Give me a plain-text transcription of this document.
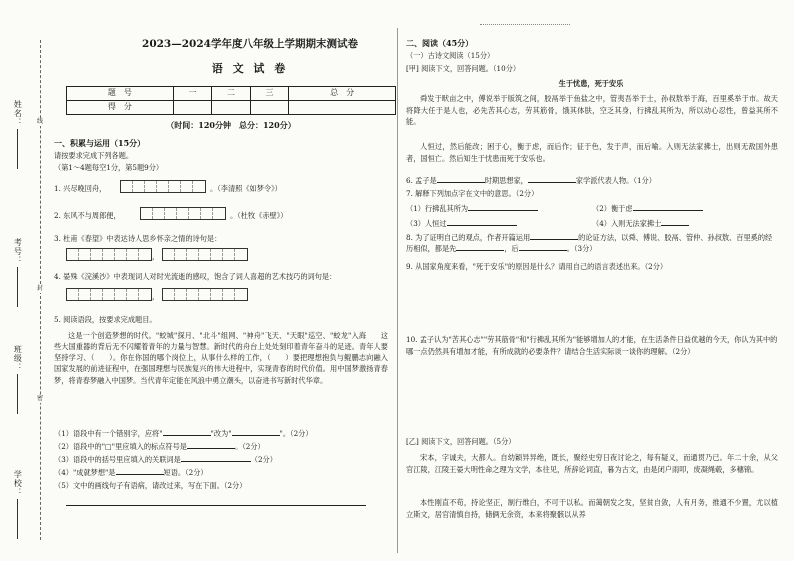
姓名：
考号：
班级：
学校：
线
封
密
2023—2024学年度八年级上学期期末测试卷
语 文 试 卷
题　号	一	二	三	总　分
得　分				
（时间：120分钟　总分：120分）
一、积累与运用（15分）
请按要求完成下列各题。
（第1～4题每空1分，第5题9分）
1. 兴尽晚回舟，	。（李清照《如梦令》）
2. 东风不与周郎便，	。（杜牧《赤壁》）
3. 杜甫《春望》中表达诗人思乡怀亲之情的诗句是：
，
4. 晏殊《浣溪沙》中表现词人对时光流逝的感叹，饱含了词人喜超的艺术技巧的词句是：
，
5. 阅读语段，按要求完成题目。
这是一个创造梦想的时代。"蛟城"探月、"北斗"组网、"神舟"飞天、"天眼"巡空、"蛟龙"入海　　这些大国重器的背后无不闪耀着青年的力量与智慧。新时代的舟台上处处刻印着青年奋斗的足迹。青年人要坚持学习、（　　）。你在你国的哪个岗位上，从事什么样的工作，（　　）要把理想抱负与鲲鹏志向融入国家发展的前进征程中，在强国理想与民族复兴的伟大进程中，实现青春的时代价值。用中国梦激扬青春梦，将青春梦融入中国梦。当代青年定能在风浪中勇立潮头，以奋进书写新时代华章。
（1）语段中有一个错别字，应将"	"改为"	"。（2分）
（2）语段中的"□"里应填入的标点符号是	。（2分）
（3）语段中的括号里应填入的关联词是	（2分）
（4）"成就梦想"是	短语。（2分）
（5）文中的画线句子有语病，请改过来，写在下面。（2分）
二、阅读（45分）
（一）古诗文阅读（15分）
[甲] 阅读下文，回答问题。（10分）
生于忧患，死于安乐
舜发于畎亩之中，傅说举于版筑之间，胶鬲举于鱼盐之中，管夷吾举于士，孙叔敖举于海，百里奚举于市。故天将降大任于是人也，必先苦其心志，劳其筋骨，饿其体肤，空乏其身，行拂乱其所为，所以动心忍性，曾益其所不能。
人恒过，然后能改；困于心，衡于虑，而后作；征于色，发于声，而后喻。入则无法家拂士，出则无敌国外患者，国恒亡。然后知生于忧患而死于安乐也。
6. 孟子是	时期思想家，	家学派代表人物。（1分）
7. 解释下列加点字在文中的意思。（2分）
（1）行拂乱其所为	（2）衡于虑
（3）人恒过	（4）入则无法家拂士
8. 为了证明自己的观点，作者开篇运用	的论证方法，以舜、傅说、胶鬲、管仲、孙叔敖、百里奚的经历相似，都是先	，后	。（3分）
9. 从国家角度来看，"死于安乐"的原因是什么？请用自己的语言表述出来。（2分）
10. 孟子认为"苦其心志""劳其筋骨"和"行拂乱其所为"能够增加人的才能，在生活条件日益优越的今天，你认为其中的哪一点仍然具有增加才能，有所成就的必要条件？请结合生活实际谈一谈你的理解。（2分）
[乙] 阅读下文，回答问题。（5分）
宋本，字诚夫，大都人。自幼颖异异绝，既长，聚经史穷日夜讨论之，每有疑义，而通贯乃已。年二十余，从父官江陵，江陵王晏大明性命之理为文学，本往见，所辞论词直，暮为古文，由是闭户雨叩，废凝绳毂，多穗锦。
本性刚直不苟，持论坚正，制行维白，不可干以私。而蔼朝发之发，坚贫自敛，人有月务，推通不少置，尤以植立斯文，居官清慎自持，储俩无余资，本来将聚骸以从养
